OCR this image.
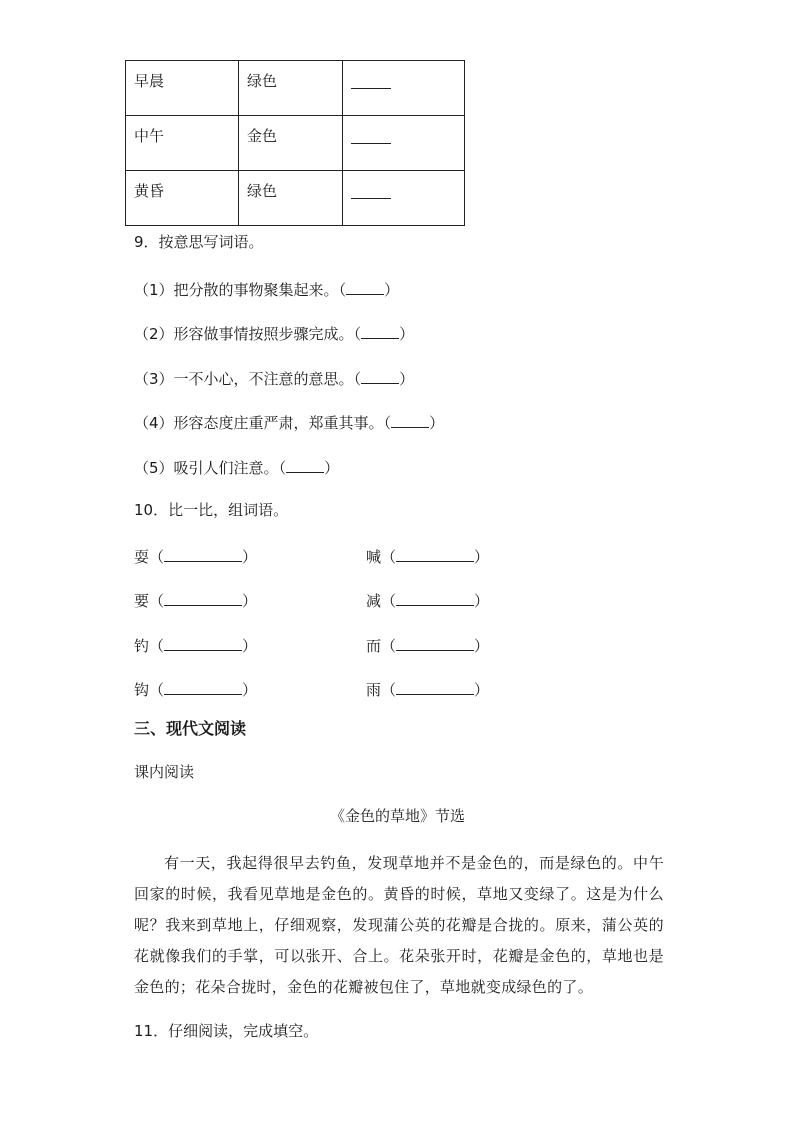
早晨	绿色	

中午	金色	

黄昏	绿色	
9．按意思写词语。
（1）把分散的事物聚集起来。（	）
（2）形容做事情按照步骤完成。（	）
（3）一不小心，不注意的意思。（	）
（4）形容态度庄重严肃，郑重其事。（	）
（5）吸引人们注意。（	）
10．比一比，组词语。
耍（	）	喊（	）
要（	）	减（	）
钓（	）	而（	）
钩（	）	雨（	）
三、现代文阅读
课内阅读
《金色的草地》节选

有一天，我起得很早去钓鱼，发现草地并不是金色的，而是绿色的。中午回家的时候，我看见草地是金色的。黄昏的时候，草地又变绿了。这是为什么呢？我来到草地上，仔细观察，发现蒲公英的花瓣是合拢的。原来，蒲公英的花就像我们的手掌，可以张开、合上。花朵张开时，花瓣是金色的，草地也是金色的；花朵合拢时，金色的花瓣被包住了，草地就变成绿色的了。

11．仔细阅读，完成填空。
